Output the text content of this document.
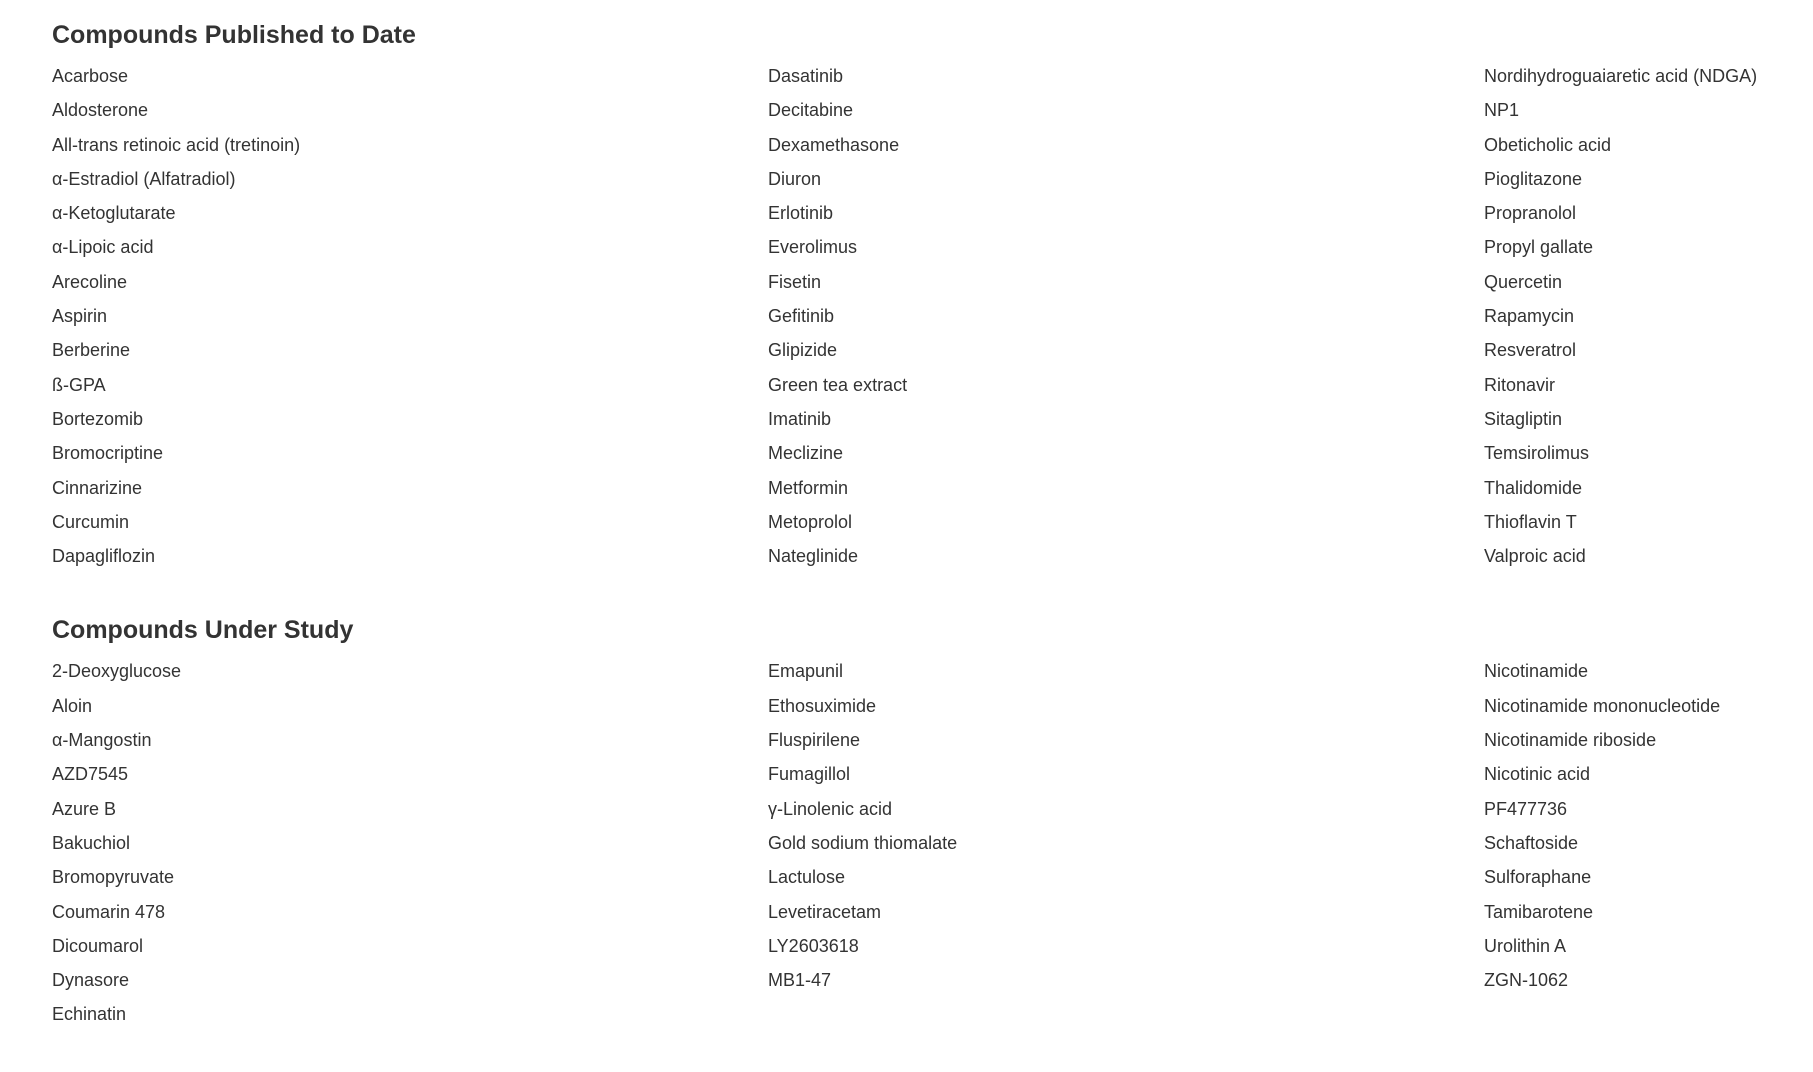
Compounds Published to Date
Acarbose
Aldosterone
All-trans retinoic acid (tretinoin)
α-Estradiol (Alfatradiol)
α-Ketoglutarate
α-Lipoic acid
Arecoline
Aspirin
Berberine
ß-GPA
Bortezomib
Bromocriptine
Cinnarizine
Curcumin
Dapagliflozin
Dasatinib
Decitabine
Dexamethasone
Diuron
Erlotinib
Everolimus
Fisetin
Gefitinib
Glipizide
Green tea extract
Imatinib
Meclizine
Metformin
Metoprolol
Nateglinide
Nordihydroguaiaretic acid (NDGA)
NP1
Obeticholic acid
Pioglitazone
Propranolol
Propyl gallate
Quercetin
Rapamycin
Resveratrol
Ritonavir
Sitagliptin
Temsirolimus
Thalidomide
Thioflavin T
Valproic acid
Compounds Under Study
2-Deoxyglucose
Aloin
α-Mangostin
AZD7545
Azure B
Bakuchiol
Bromopyruvate
Coumarin 478
Dicoumarol
Dynasore
Echinatin
Emapunil
Ethosuximide
Fluspirilene
Fumagillol
γ-Linolenic acid
Gold sodium thiomalate
Lactulose
Levetiracetam
LY2603618
MB1-47
Nicotinamide
Nicotinamide mononucleotide
Nicotinamide riboside
Nicotinic acid
PF477736
Schaftoside
Sulforaphane
Tamibarotene
Urolithin A
ZGN-1062
